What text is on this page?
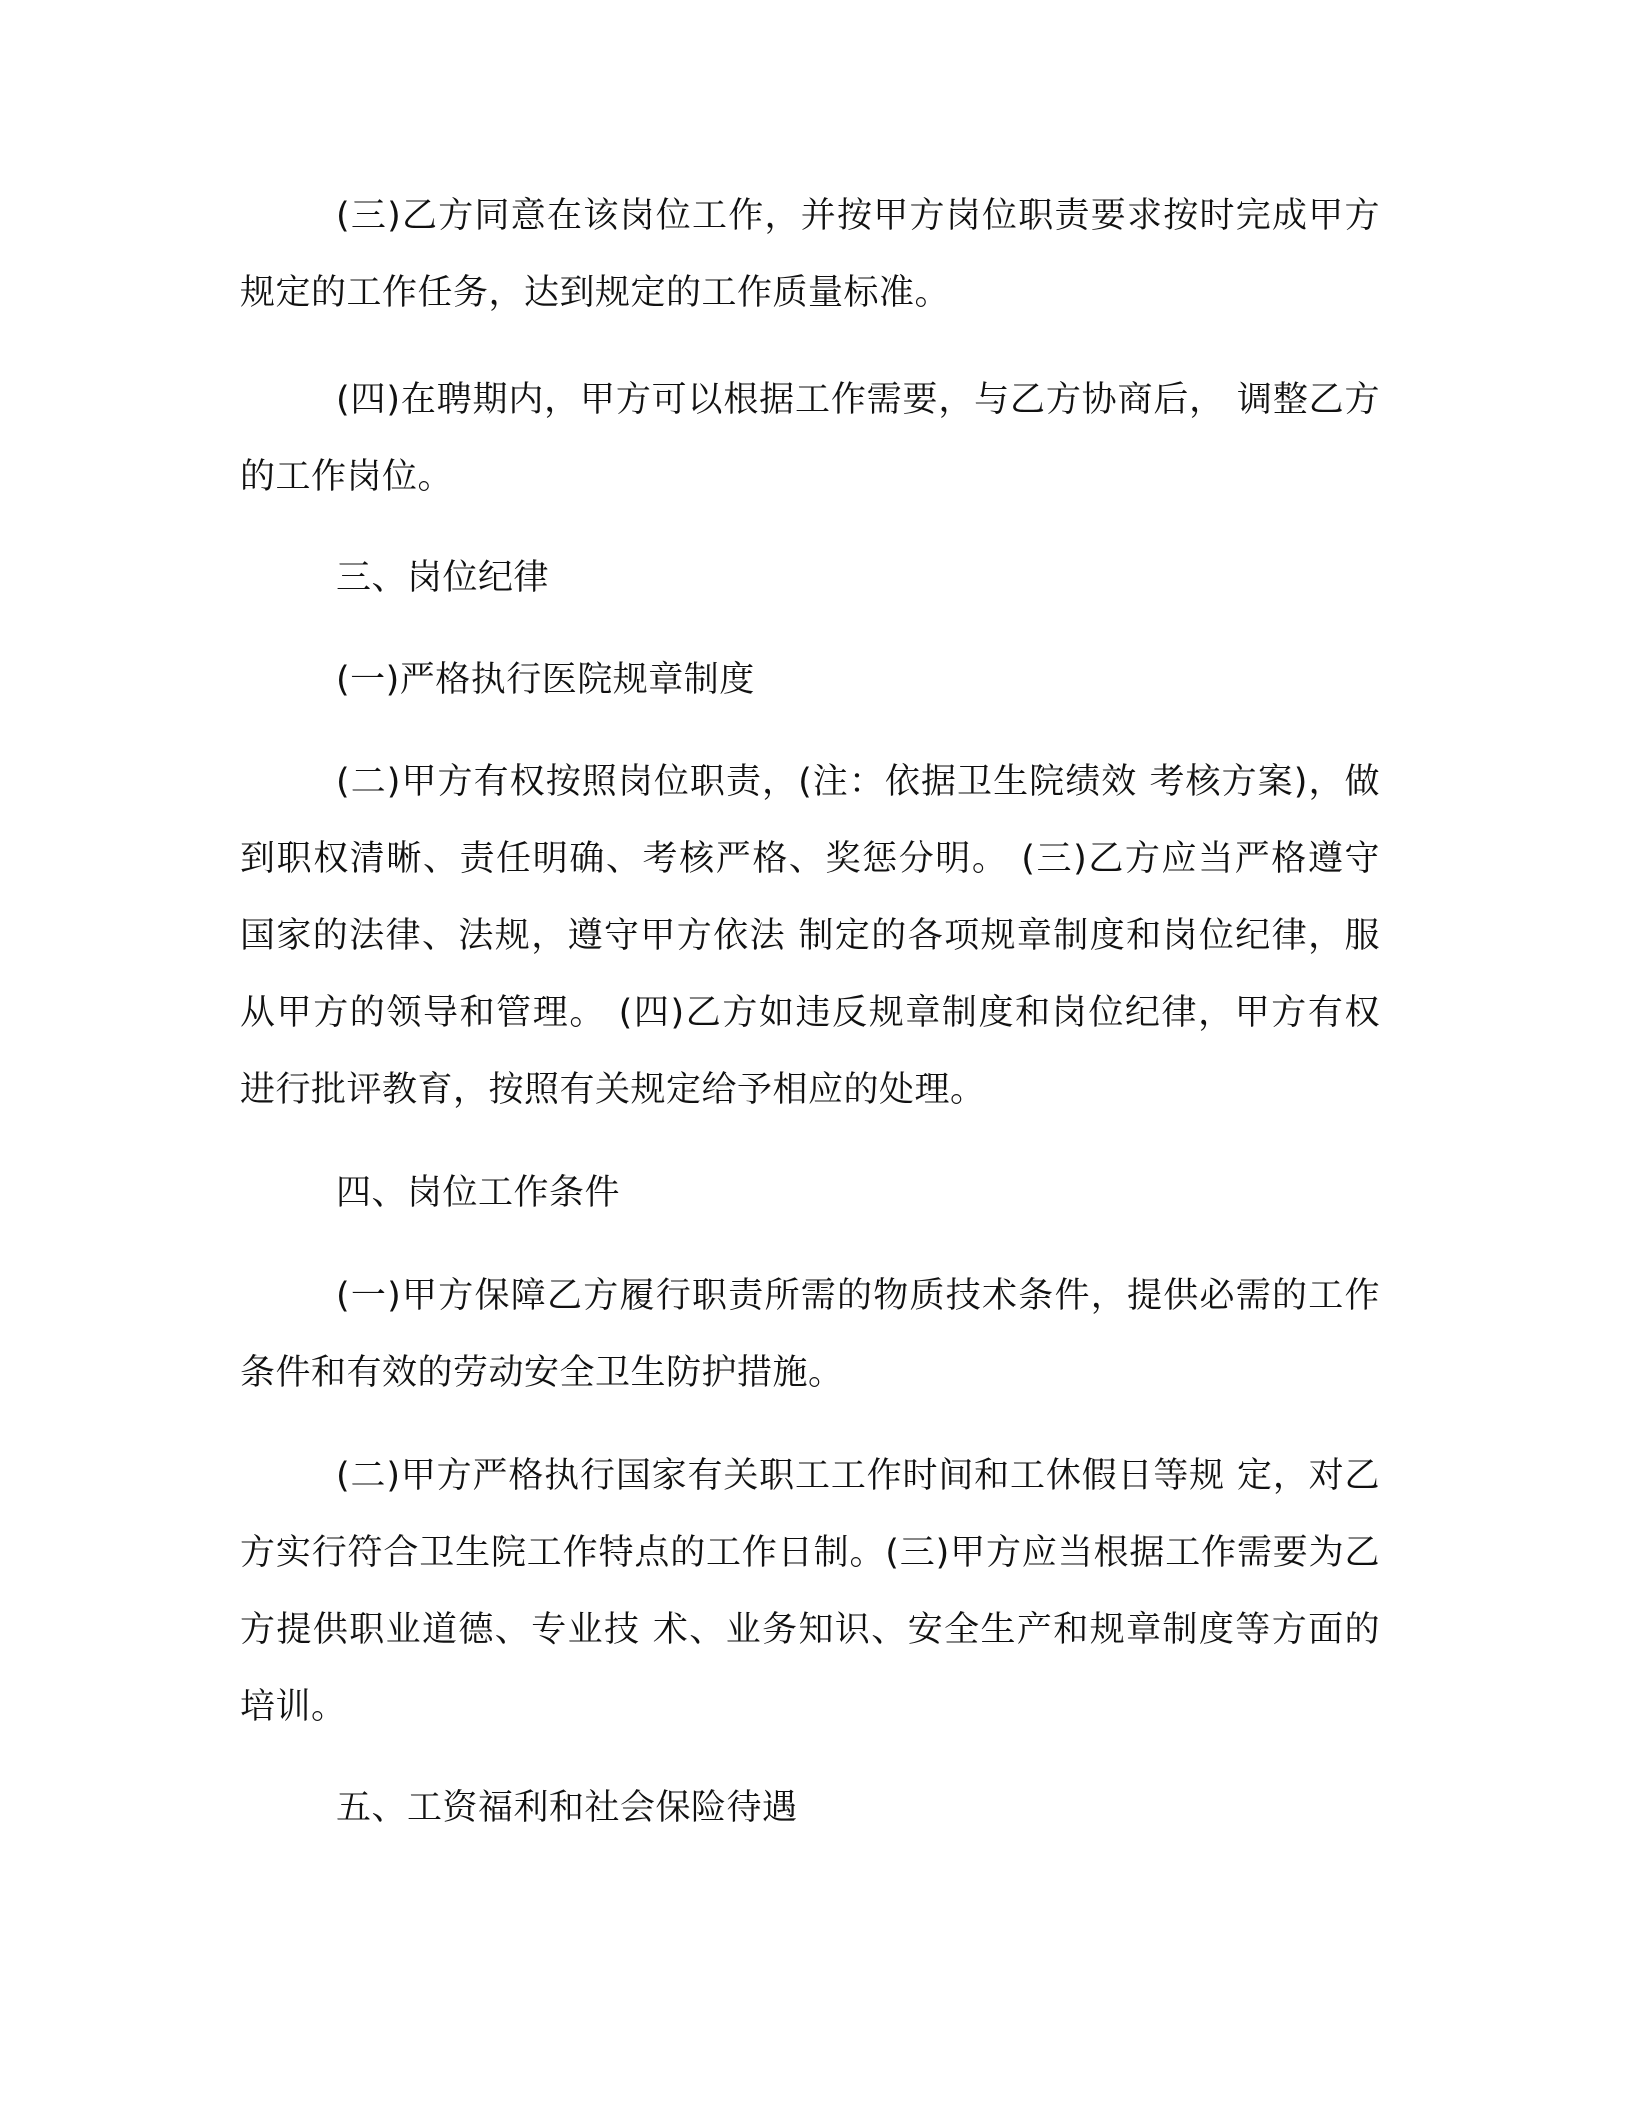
(三)乙方同意在该岗位工作，并按甲方岗位职责要求按时完成甲方规定的工作任务，达到规定的工作质量标准。

(四)在聘期内，甲方可以根据工作需要，与乙方协商后， 调整乙方的工作岗位。

三、岗位纪律

(一)严格执行医院规章制度

(二)甲方有权按照岗位职责，(注：依据卫生院绩效 考核方案)，做到职权清晰、责任明确、考核严格、奖惩分明。 (三)乙方应当严格遵守国家的法律、法规，遵守甲方依法 制定的各项规章制度和岗位纪律，服从甲方的领导和管理。 (四)乙方如违反规章制度和岗位纪律，甲方有权进行批评教育，按照有关规定给予相应的处理。

四、岗位工作条件

(一)甲方保障乙方履行职责所需的物质技术条件，提供必需的工作条件和有效的劳动安全卫生防护措施。

(二)甲方严格执行国家有关职工工作时间和工休假日等规 定，对乙方实行符合卫生院工作特点的工作日制。(三)甲方应当根据工作需要为乙方提供职业道德、专业技 术、业务知识、安全生产和规章制度等方面的培训。

五、工资福利和社会保险待遇
